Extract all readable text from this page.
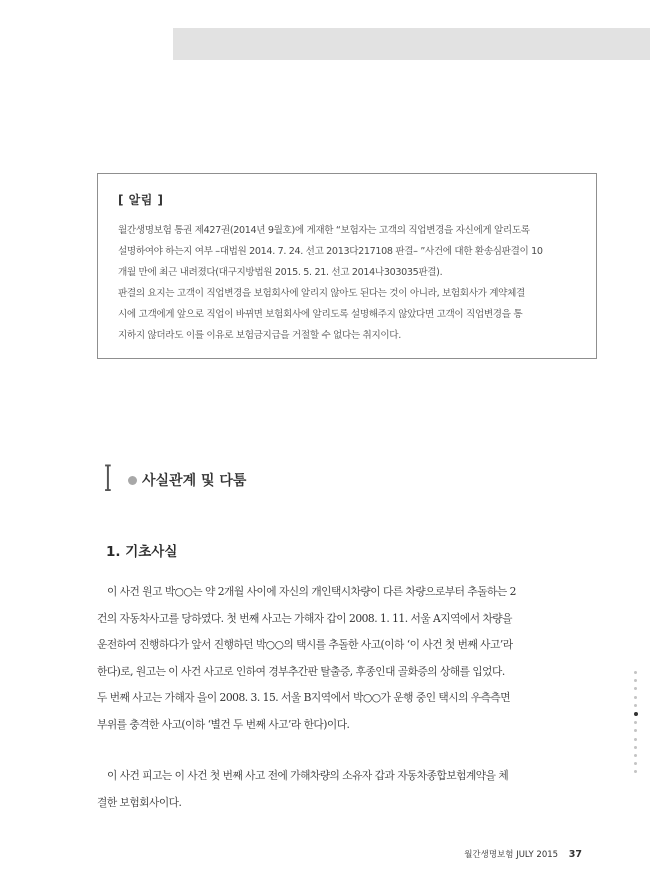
[ 알림 ]
월간생명보험 통권 제427권(2014년 9월호)에 게재한 “보험자는 고객의 직업변경을 자신에게 알리도록
설명하여야 하는지 여부 –대법원 2014. 7. 24. 선고 2013다217108 판결– ”사건에 대한 환송심판결이 10
개월 만에 최근 내려졌다(대구지방법원 2015. 5. 21. 선고 2014나303035판결).
판결의 요지는 고객이 직업변경을 보험회사에 알리지 않아도 된다는 것이 아니라, 보험회사가 계약체결
시에 고객에게 앞으로 직업이 바뀌면 보험회사에 알리도록 설명해주지 않았다면 고객이 직업변경을 통
지하지 않더라도 이를 이유로 보험금지급을 거절할 수 없다는 취지이다.
I 사실관계 및 다툼
1. 기초사실
이 사건 원고 박○○는 약 2개월 사이에 자신의 개인택시차량이 다른 차량으로부터 추돌하는 2
건의 자동차사고를 당하였다. 첫 번째 사고는 가해자 갑이 2008. 1. 11. 서울 A지역에서 차량을
운전하여 진행하다가 앞서 진행하던 박○○의 택시를 추돌한 사고(이하 ‘이 사건 첫 번째 사고’라
한다)로, 원고는 이 사건 사고로 인하여 경부추간판 탈출증, 후종인대 골화증의 상해를 입었다.
두 번째 사고는 가해자 을이 2008. 3. 15. 서울 B지역에서 박○○가 운행 중인 택시의 우측측면
부위를 충격한 사고(이하 ‘별건 두 번째 사고’라 한다)이다.
이 사건 피고는 이 사건 첫 번째 사고 전에 가해차량의 소유자 갑과 자동차종합보험계약을 체
결한 보험회사이다.
월간생명보험 JULY 2015 37
